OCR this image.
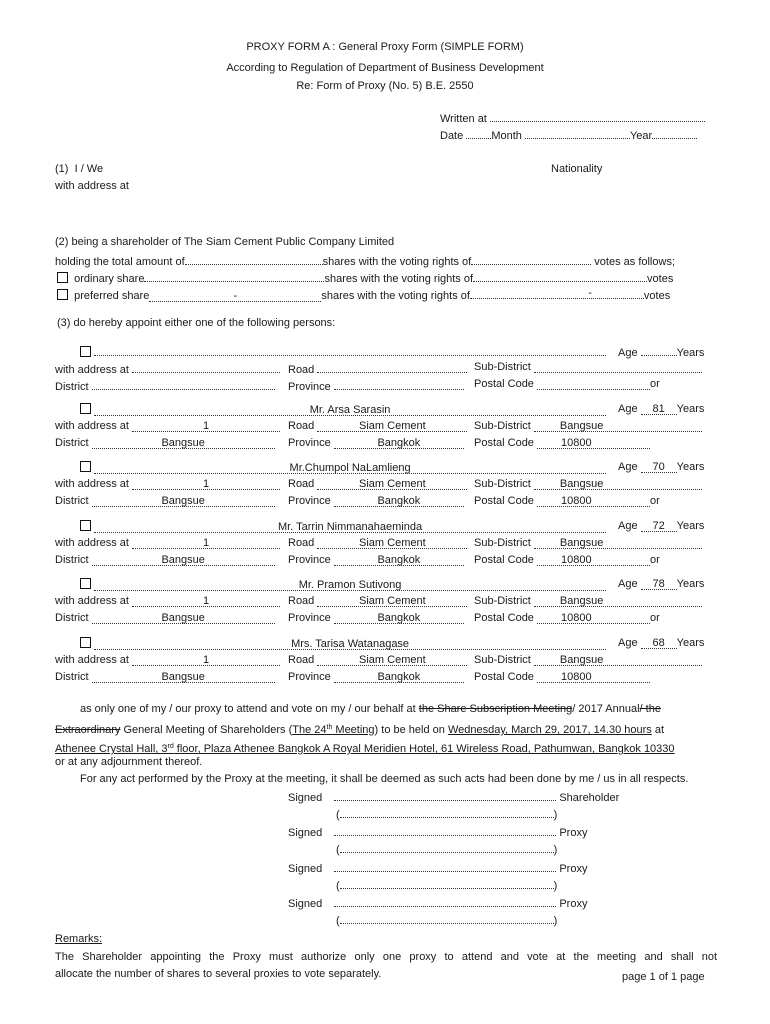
PROXY FORM A : General Proxy Form (SIMPLE FORM)
According to Regulation of Department of Business Development
Re: Form of Proxy (No. 5) B.E. 2550
Written at
Date	Month	Year
(1) I / We	Nationality
with address at
(2) being a shareholder of The Siam Cement Public Company Limited
holding the total amount of	shares with the voting rights of	votes as follows;
ordinary share	shares with the voting rights of	votes
preferred share	-	shares with the voting rights of	-	votes
(3) do hereby appoint either one of the following persons:

Age	Years
with address at	Road	Sub-District
District	Province	Postal Code	or
Mr. Arsa Sarasin	Age 81 Years
with address at	1	Road	Siam Cement	Sub-District	Bangsue
District	Bangsue	Province	Bangkok	Postal Code 10800
Mr.Chumpol NaLamlieng	Age 70 Years
with address at	1	Road	Siam Cement	Sub-District	Bangsue
District	Bangsue	Province	Bangkok	Postal Code 10800	or
Mr. Tarrin Nimmanahaeminda	Age 72 Years
with address at	1	Road	Siam Cement	Sub-District	Bangsue
District	Bangsue	Province	Bangkok	Postal Code 10800	or
Mr. Pramon Sutivong	Age 78 Years
with address at	1	Road	Siam Cement	Sub-District	Bangsue
District	Bangsue	Province	Bangkok	Postal Code 10800	or
Mrs. Tarisa Watanagase	Age 68 Years
with address at	1	Road	Siam Cement	Sub-District	Bangsue
District	Bangsue	Province	Bangkok	Postal Code 10800
as only one of my / our proxy to attend and vote on my / our behalf at the Share Subscription Meeting/ 2017 Annual/ the
Extraordinary General Meeting of Shareholders (The 24th Meeting) to be held on Wednesday, March 29, 2017, 14.30 hours at
Athenee Crystal Hall, 3rd floor, Plaza Athenee Bangkok A Royal Meridien Hotel, 61 Wireless Road, Pathumwan, Bangkok 10330
or at any adjournment thereof.
For any act performed by the Proxy at the meeting, it shall be deemed as such acts had been done by me / us in all respects.
Signed	Shareholder
(	)
Signed	Proxy
(	)
Signed	Proxy
(	)
Signed	Proxy
(	)
Remarks:
The Shareholder appointing the Proxy must authorize only one proxy to attend and vote at the meeting and shall not
allocate the number of shares to several proxies to vote separately.	page 1 of 1 page
